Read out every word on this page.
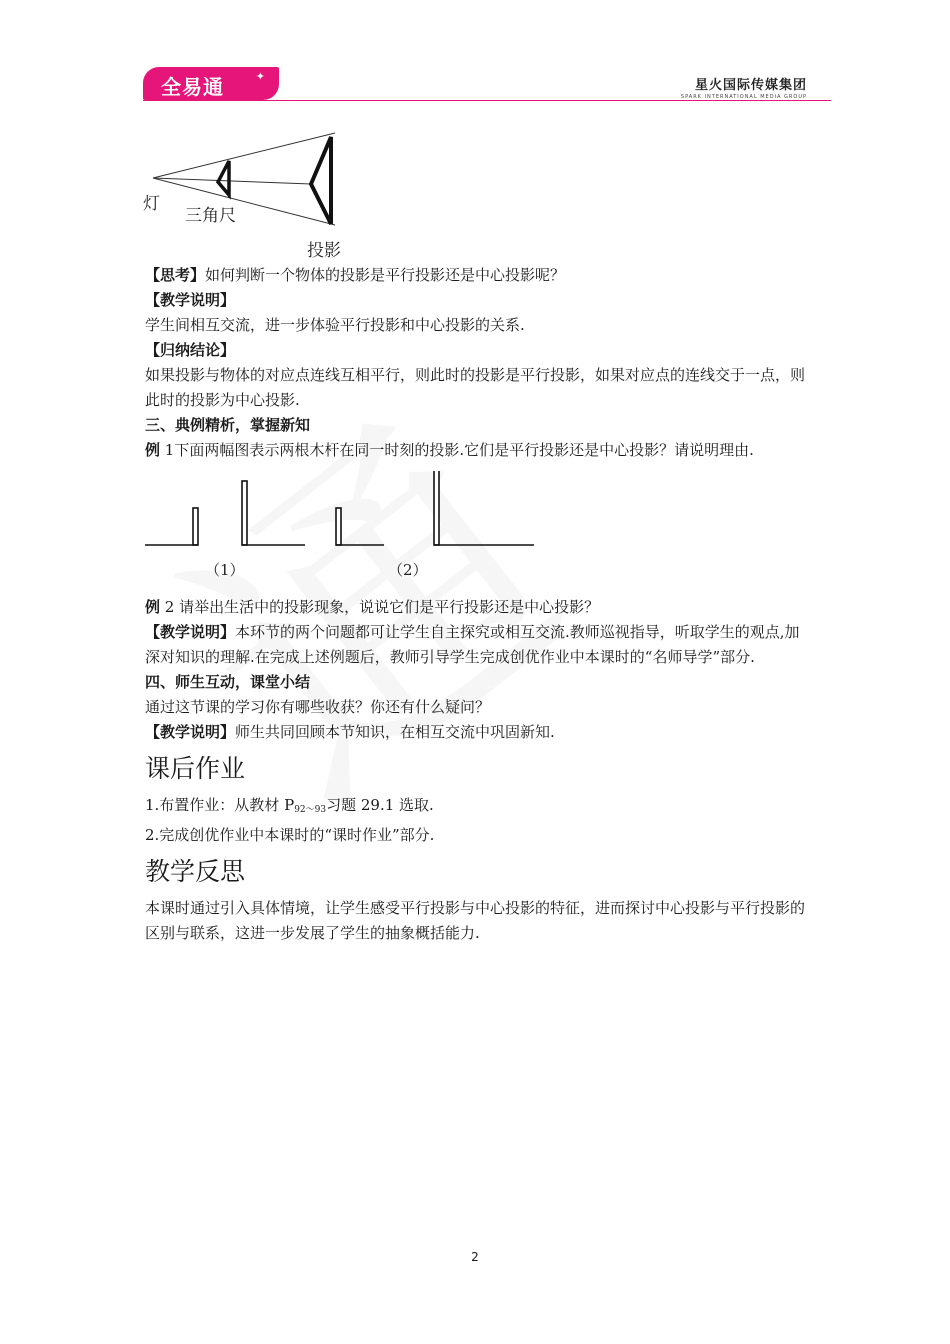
全易通	✦
星火国际传媒集团
SPARK INTERNATIONAL MEDIA GROUP
灯
三角尺
投影

【思考】如何判断一个物体的投影是平行投影还是中心投影呢？

【教学说明】

学生间相互交流，进一步体验平行投影和中心投影的关系.

【归纳结论】

如果投影与物体的对应点连线互相平行，则此时的投影是平行投影，如果对应点的连线交于一点，则此时的投影为中心投影.

三、典例精析，掌握新知

例 1下面两幅图表示两根木杆在同一时刻的投影.它们是平行投影还是中心投影？请说明理由.

（1）	（2）

例 2 请举出生活中的投影现象，说说它们是平行投影还是中心投影？

【教学说明】本环节的两个问题都可让学生自主探究或相互交流.教师巡视指导，听取学生的观点,加深对知识的理解.在完成上述例题后，教师引导学生完成创优作业中本课时的“名师导学”部分.

四、师生互动，课堂小结

通过这节课的学习你有哪些收获？你还有什么疑问？

【教学说明】师生共同回顾本节知识，在相互交流中巩固新知.

课后作业

1.布置作业：从教材 $P_{92\sim 93}$习题 29.1 选取.

2.完成创优作业中本课时的“课时作业”部分.

教学反思

本课时通过引入具体情境，让学生感受平行投影与中心投影的特征，进而探讨中心投影与平行投影的区别与联系，这进一步发展了学生的抽象概括能力.

2
